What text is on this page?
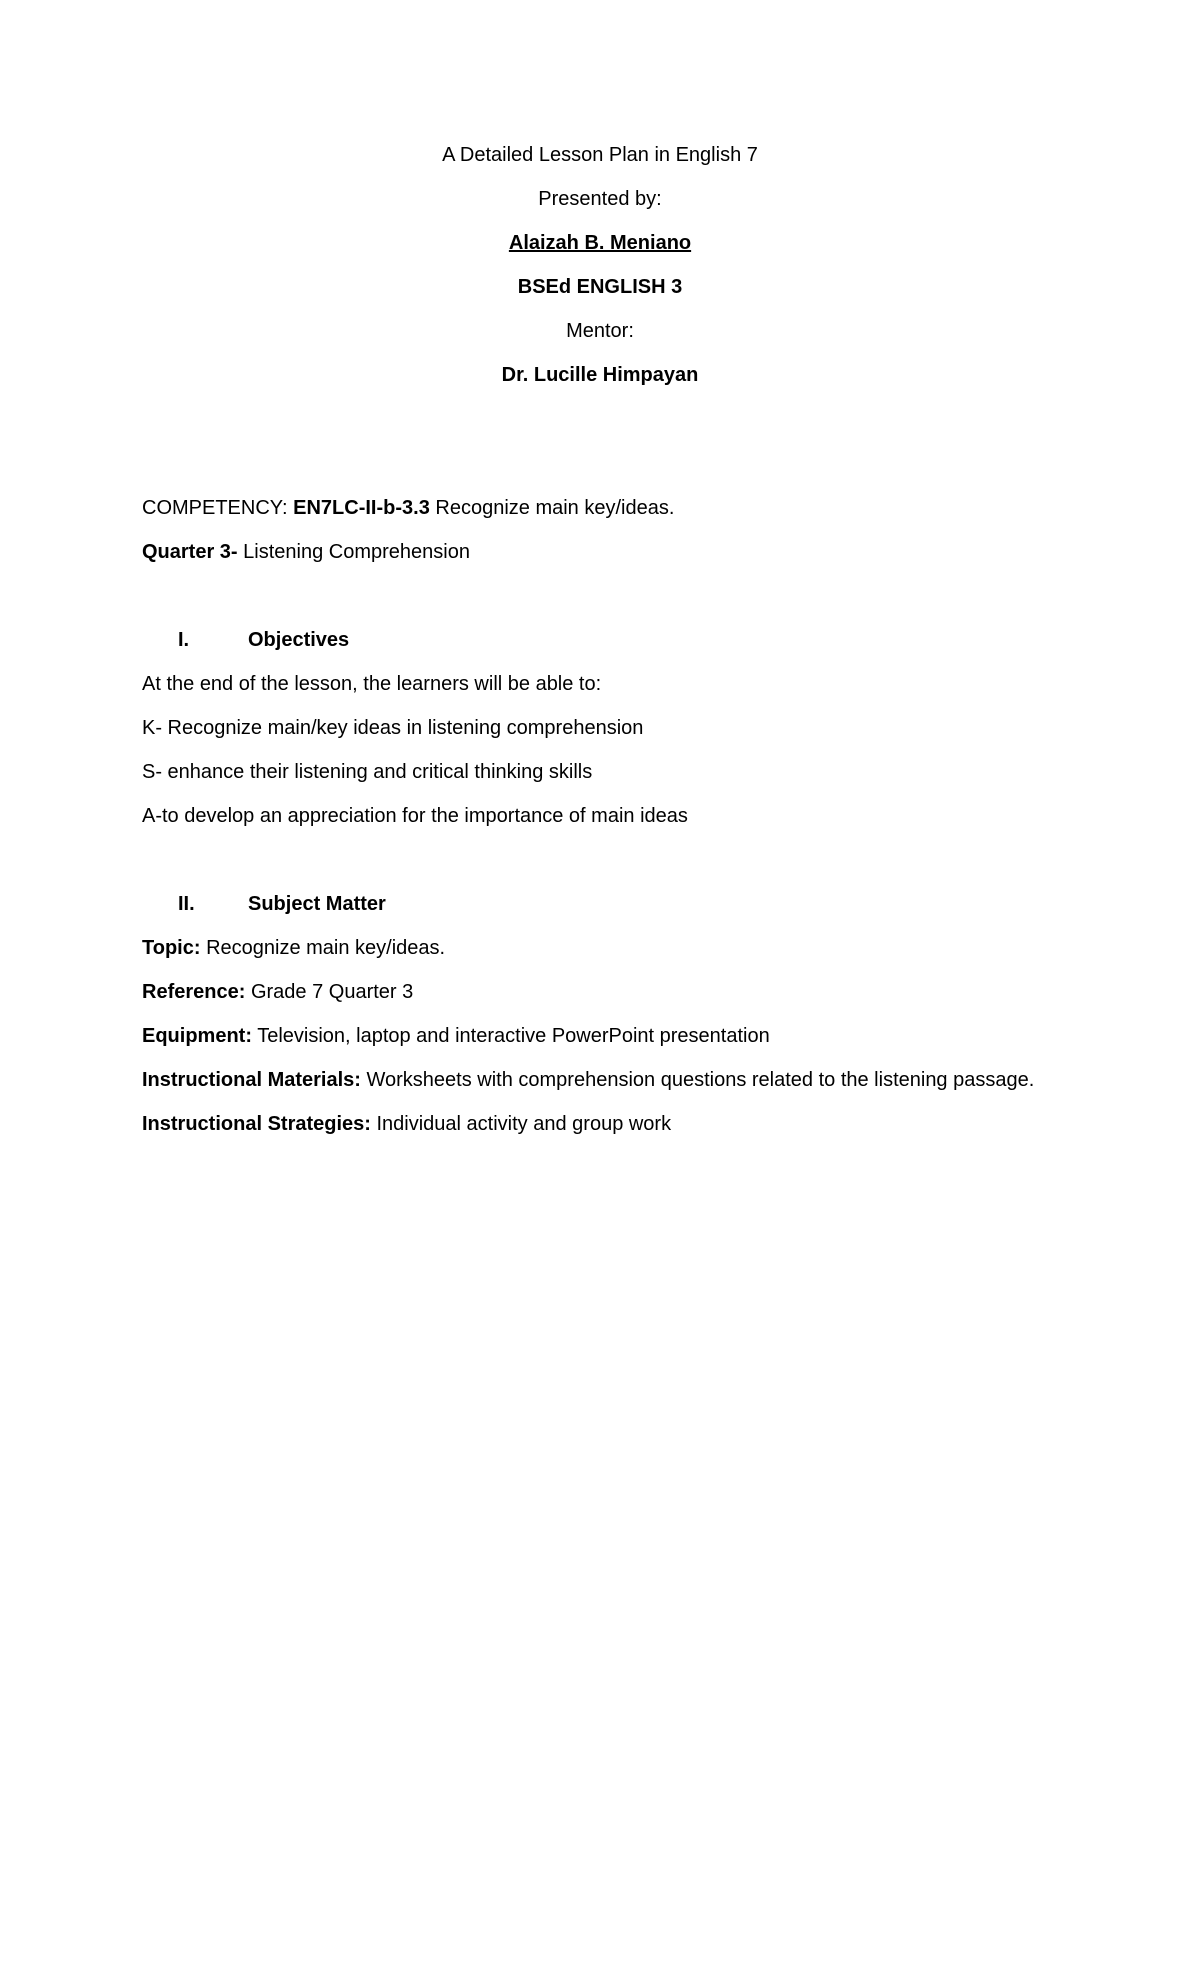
A Detailed Lesson Plan in English 7
Presented by:
Alaizah B. Meniano
BSEd ENGLISH 3
Mentor:
Dr. Lucille Himpayan
COMPETENCY: EN7LC-II-b-3.3 Recognize main key/ideas.
Quarter 3- Listening Comprehension
I.	Objectives
At the end of the lesson, the learners will be able to:
K- Recognize main/key ideas in listening comprehension
S- enhance their listening and critical thinking skills
A-to develop an appreciation for the importance of main ideas
II.	Subject Matter
Topic: Recognize main key/ideas.
Reference: Grade 7 Quarter 3
Equipment: Television, laptop and interactive PowerPoint presentation
Instructional Materials: Worksheets with comprehension questions related to the listening passage.
Instructional Strategies: Individual activity and group work
